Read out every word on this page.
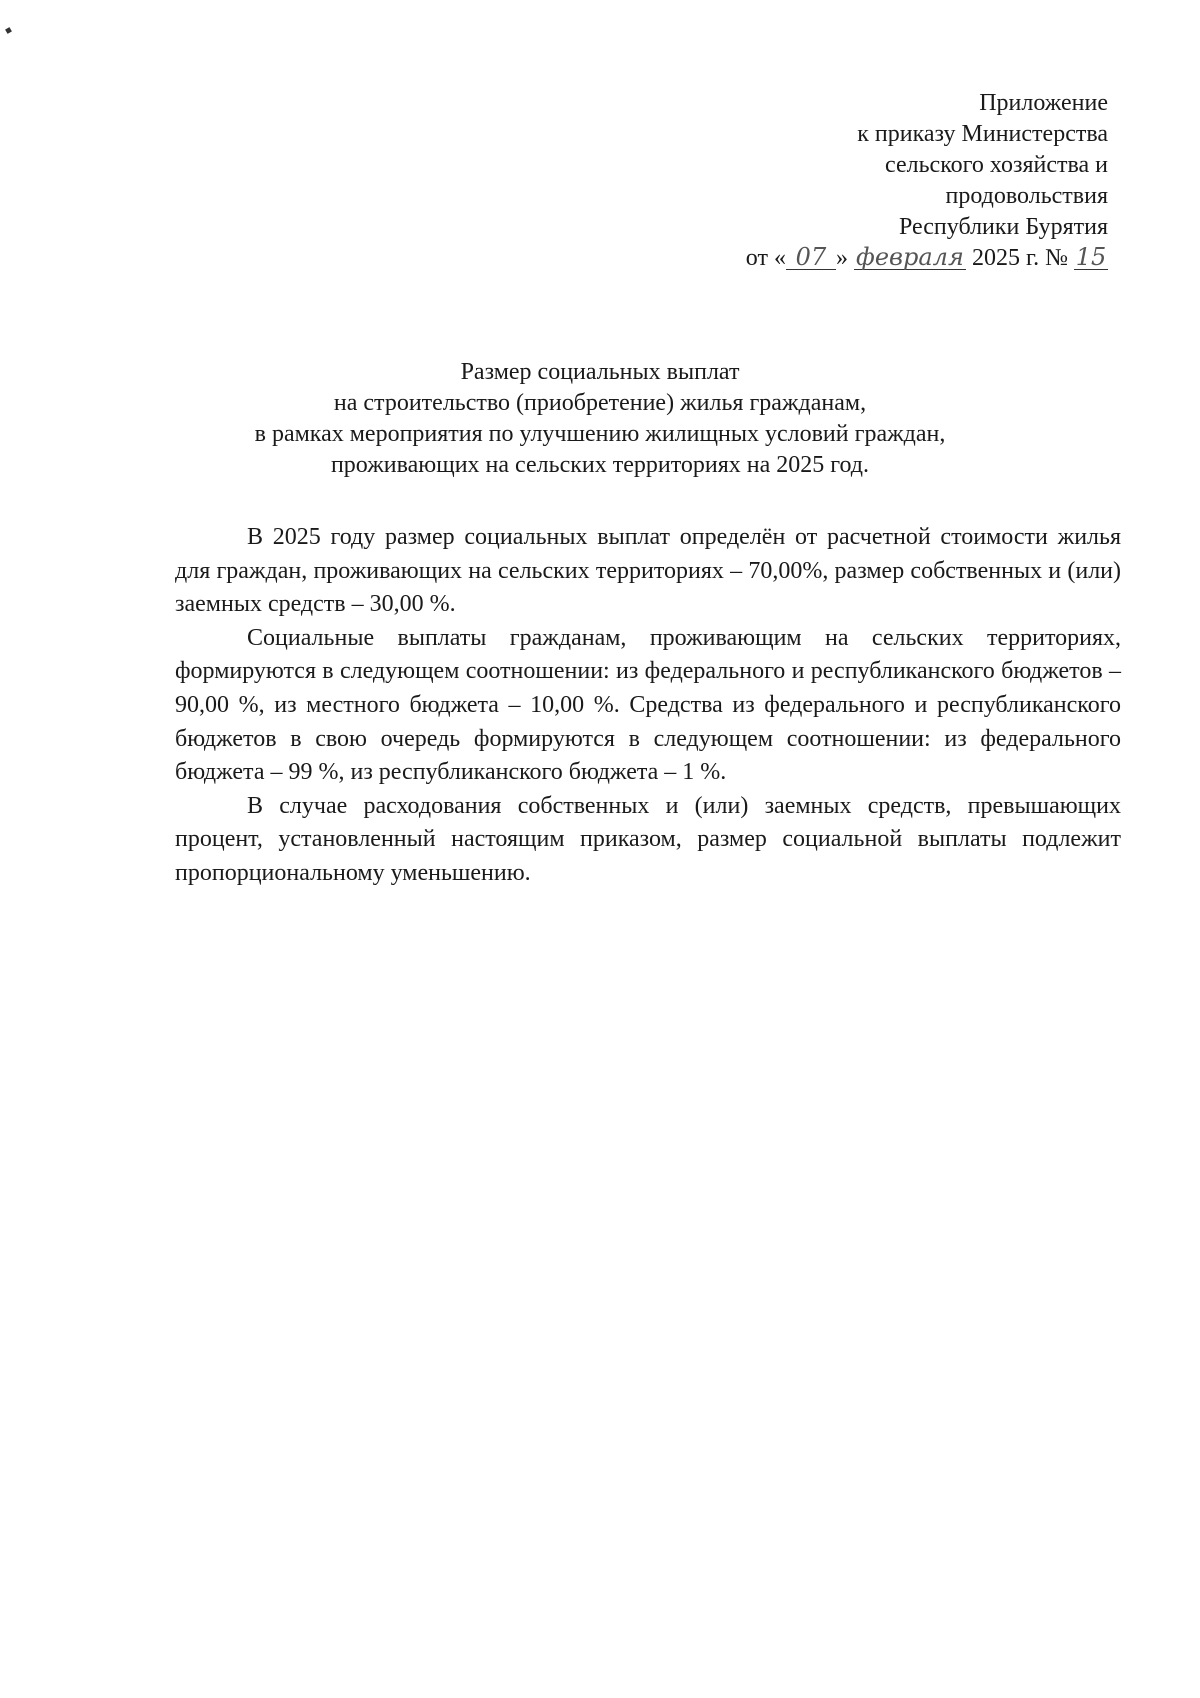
Приложение
к приказу Министерства
сельского хозяйства и
продовольствия
Республики Бурятия
от « 07 » февраля 2025 г. № 15
Размер социальных выплат
на строительство (приобретение) жилья гражданам,
в рамках мероприятия по улучшению жилищных условий граждан,
проживающих на сельских территориях на 2025 год.

В 2025 году размер социальных выплат определён от расчетной стоимости жилья для граждан, проживающих на сельских территориях – 70,00%, размер собственных и (или) заемных средств – 30,00 %.

Социальные выплаты гражданам, проживающим на сельских территориях, формируются в следующем соотношении: из федерального и республиканского бюджетов – 90,00 %, из местного бюджета – 10,00 %. Средства из федерального и республиканского бюджетов в свою очередь формируются в следующем соотношении: из федерального бюджета – 99 %, из республиканского бюджета – 1 %.

В случае расходования собственных и (или) заемных средств, превышающих процент, установленный настоящим приказом, размер социальной выплаты подлежит пропорциональному уменьшению.
